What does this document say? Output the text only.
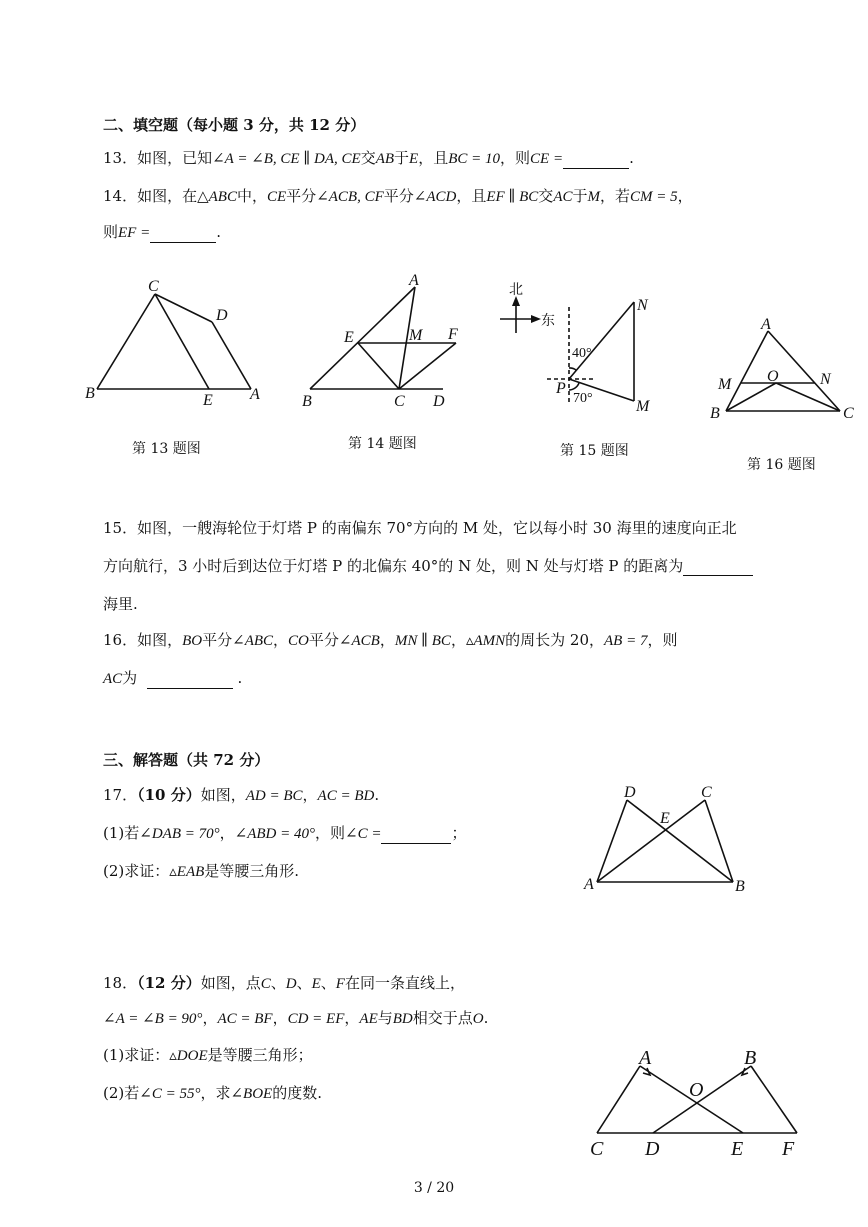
二、填空题（每小题 3 分，共 12 分）
13．如图，已知∠A = ∠B, CE ∥ DA, CE交AB于E，且BC = 10，则CE =	.
14．如图，在△ABC中，CE平分∠ACB, CF平分∠ACD，且EF ∥ BC交AC于M，若CM = 5，
则EF =	.
C
D
B	E A
A
E	M F
B	C D
北
东
N
P
M
40°
70°
A
M O	N
B	C
D	C
E
A	B
A	B
O
C D	E F
第 13 题图	第 14 题图	第 15 题图
第 16 题图
15．如图，一艘海轮位于灯塔 P 的南偏东 70°方向的 M 处，它以每小时 30 海里的速度向正北
方向航行，3 小时后到达位于灯塔 P 的北偏东 40°的 N 处，则 N 处与灯塔 P 的距离为
海里.
16．如图，BO平分∠ABC，CO平分∠ACB，MN ∥ BC，▵AMN的周长为 20，AB = 7，则
AC为	.
三、解答题（共 72 分）
17．（10 分）如图，AD = BC，AC = BD.
(1)若∠DAB = 70°，∠ABD = 40°，则∠C =	；
(2)求证：▵EAB是等腰三角形.
18．（12 分）如图，点C、D、E、F在同一条直线上，
∠A = ∠B = 90°，AC = BF，CD = EF，AE与BD相交于点O.
(1)求证：▵DOE是等腰三角形；
(2)若∠C = 55°，求∠BOE的度数.
3 / 20
